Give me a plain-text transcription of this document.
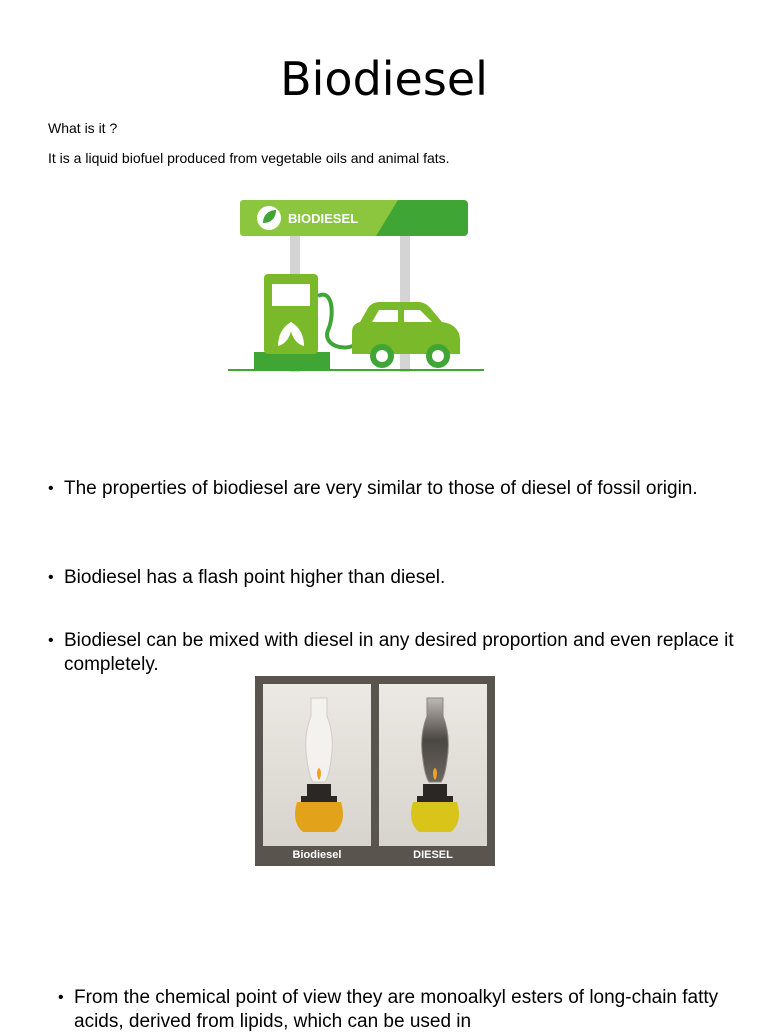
Biodiesel
What is it ?
It is a liquid biofuel produced from vegetable oils and animal fats.
BIODIESEL
• The properties of biodiesel are very similar to those of diesel of fossil origin.
• Biodiesel has a flash point higher than diesel.
• Biodiesel can be mixed with diesel in any desired proportion and even replace it completely.
Biodiesel	DIESEL
• From the chemical point of view they are monoalkyl esters of long-chain fatty acids, derived from lipids, which can be used in
